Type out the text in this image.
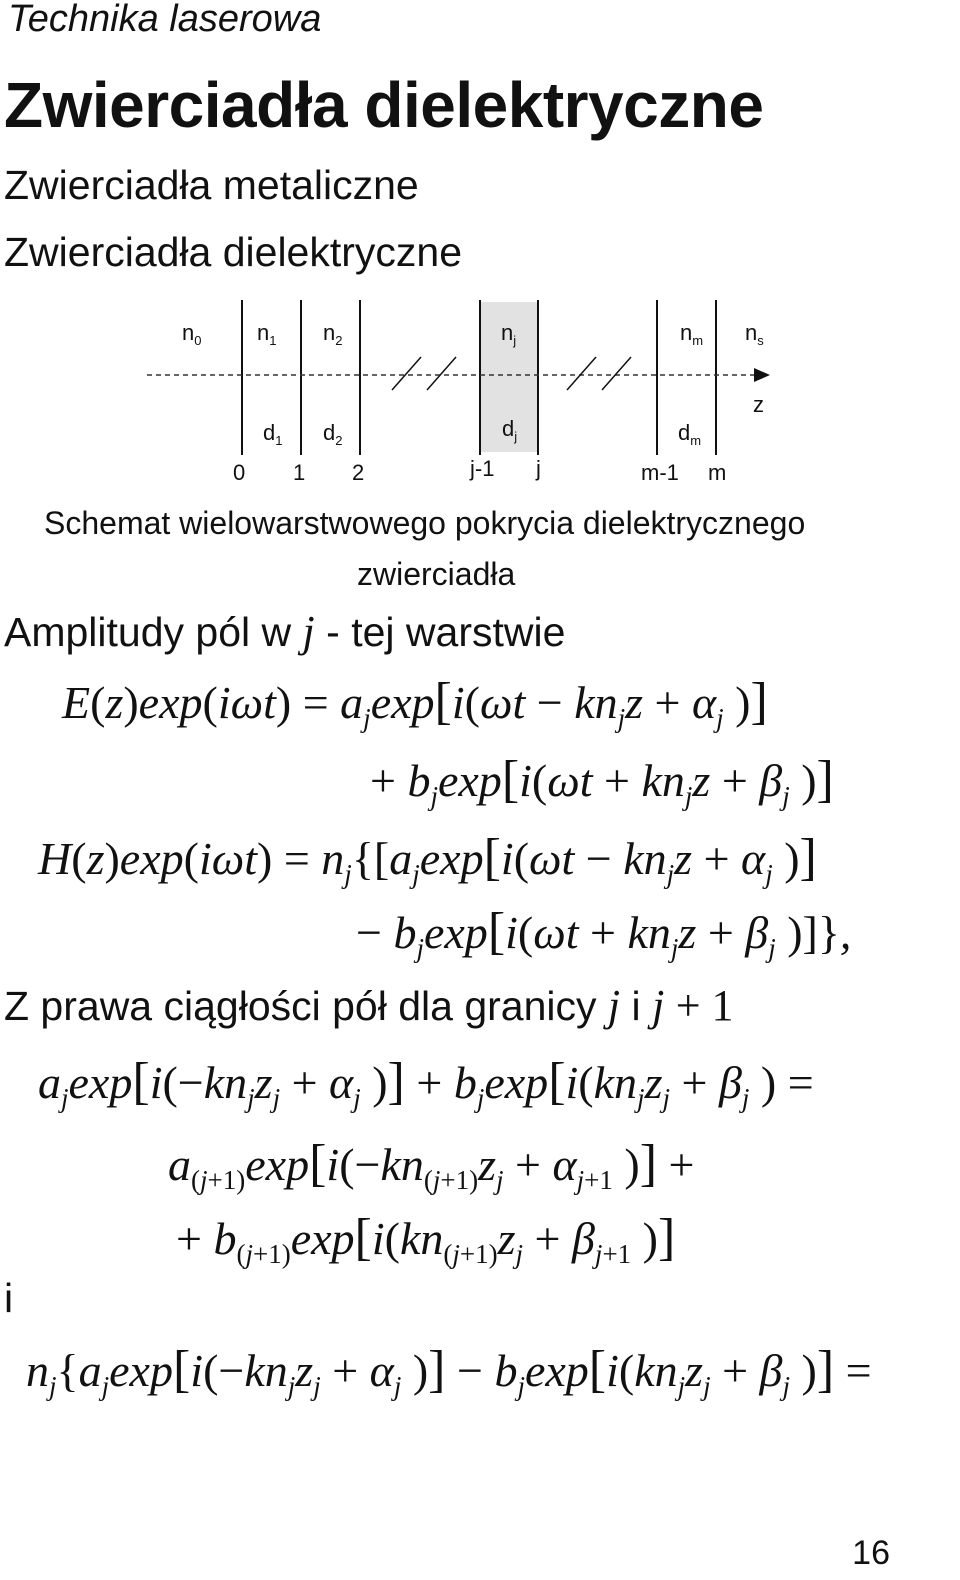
Technika laserowa
Zwierciadła dielektryczne
Zwierciadła metaliczne
Zwierciadła dielektryczne
$n_0$	$n_1$ $n_2$	$n_j$	$n_m$ $n_s$
$d_1$ $d_2$	$d_j$	$d_m$
0 1 2	j-1 j	m-1 m
z
Schemat wielowarstwowego pokrycia dielektrycznego
zwierciadła
Amplitudy pól w j - tej warstwie
$E(z)\exp(i\omega t) = a_j\exp[i(\omega t - kn_jz + \alpha_j$ )]
+ $b_j\exp[i(\omega t + kn_jz + \beta_j$ )]
$H(z)\exp(i\omega t) = n_j\{[a_j\exp[i(\omega t - kn_jz + \alpha_j$ )]
− $b_j\exp[i(\omega t + kn_jz + \beta_j$ )]},
Z prawa ciągłości pół dla granicy j i j + 1
$a_j\exp[i(-kn_jz_j + \alpha_j$ )] + $b_j\exp[i(kn_jz_j + \beta_j$ ) =
$a_{(j+1)}\exp[i(-kn_{(j+1)}z_j + \alpha_{j+1}$ )] +
+ $b_{(j+1)}\exp[i(kn_{(j+1)}z_j + \beta_{j+1}$ )]
i
$n_j\{a_j\exp[i(-kn_jz_j + \alpha_j$ )] − $b_j\exp[i(kn_jz_j + \beta_j$ )] =
16
